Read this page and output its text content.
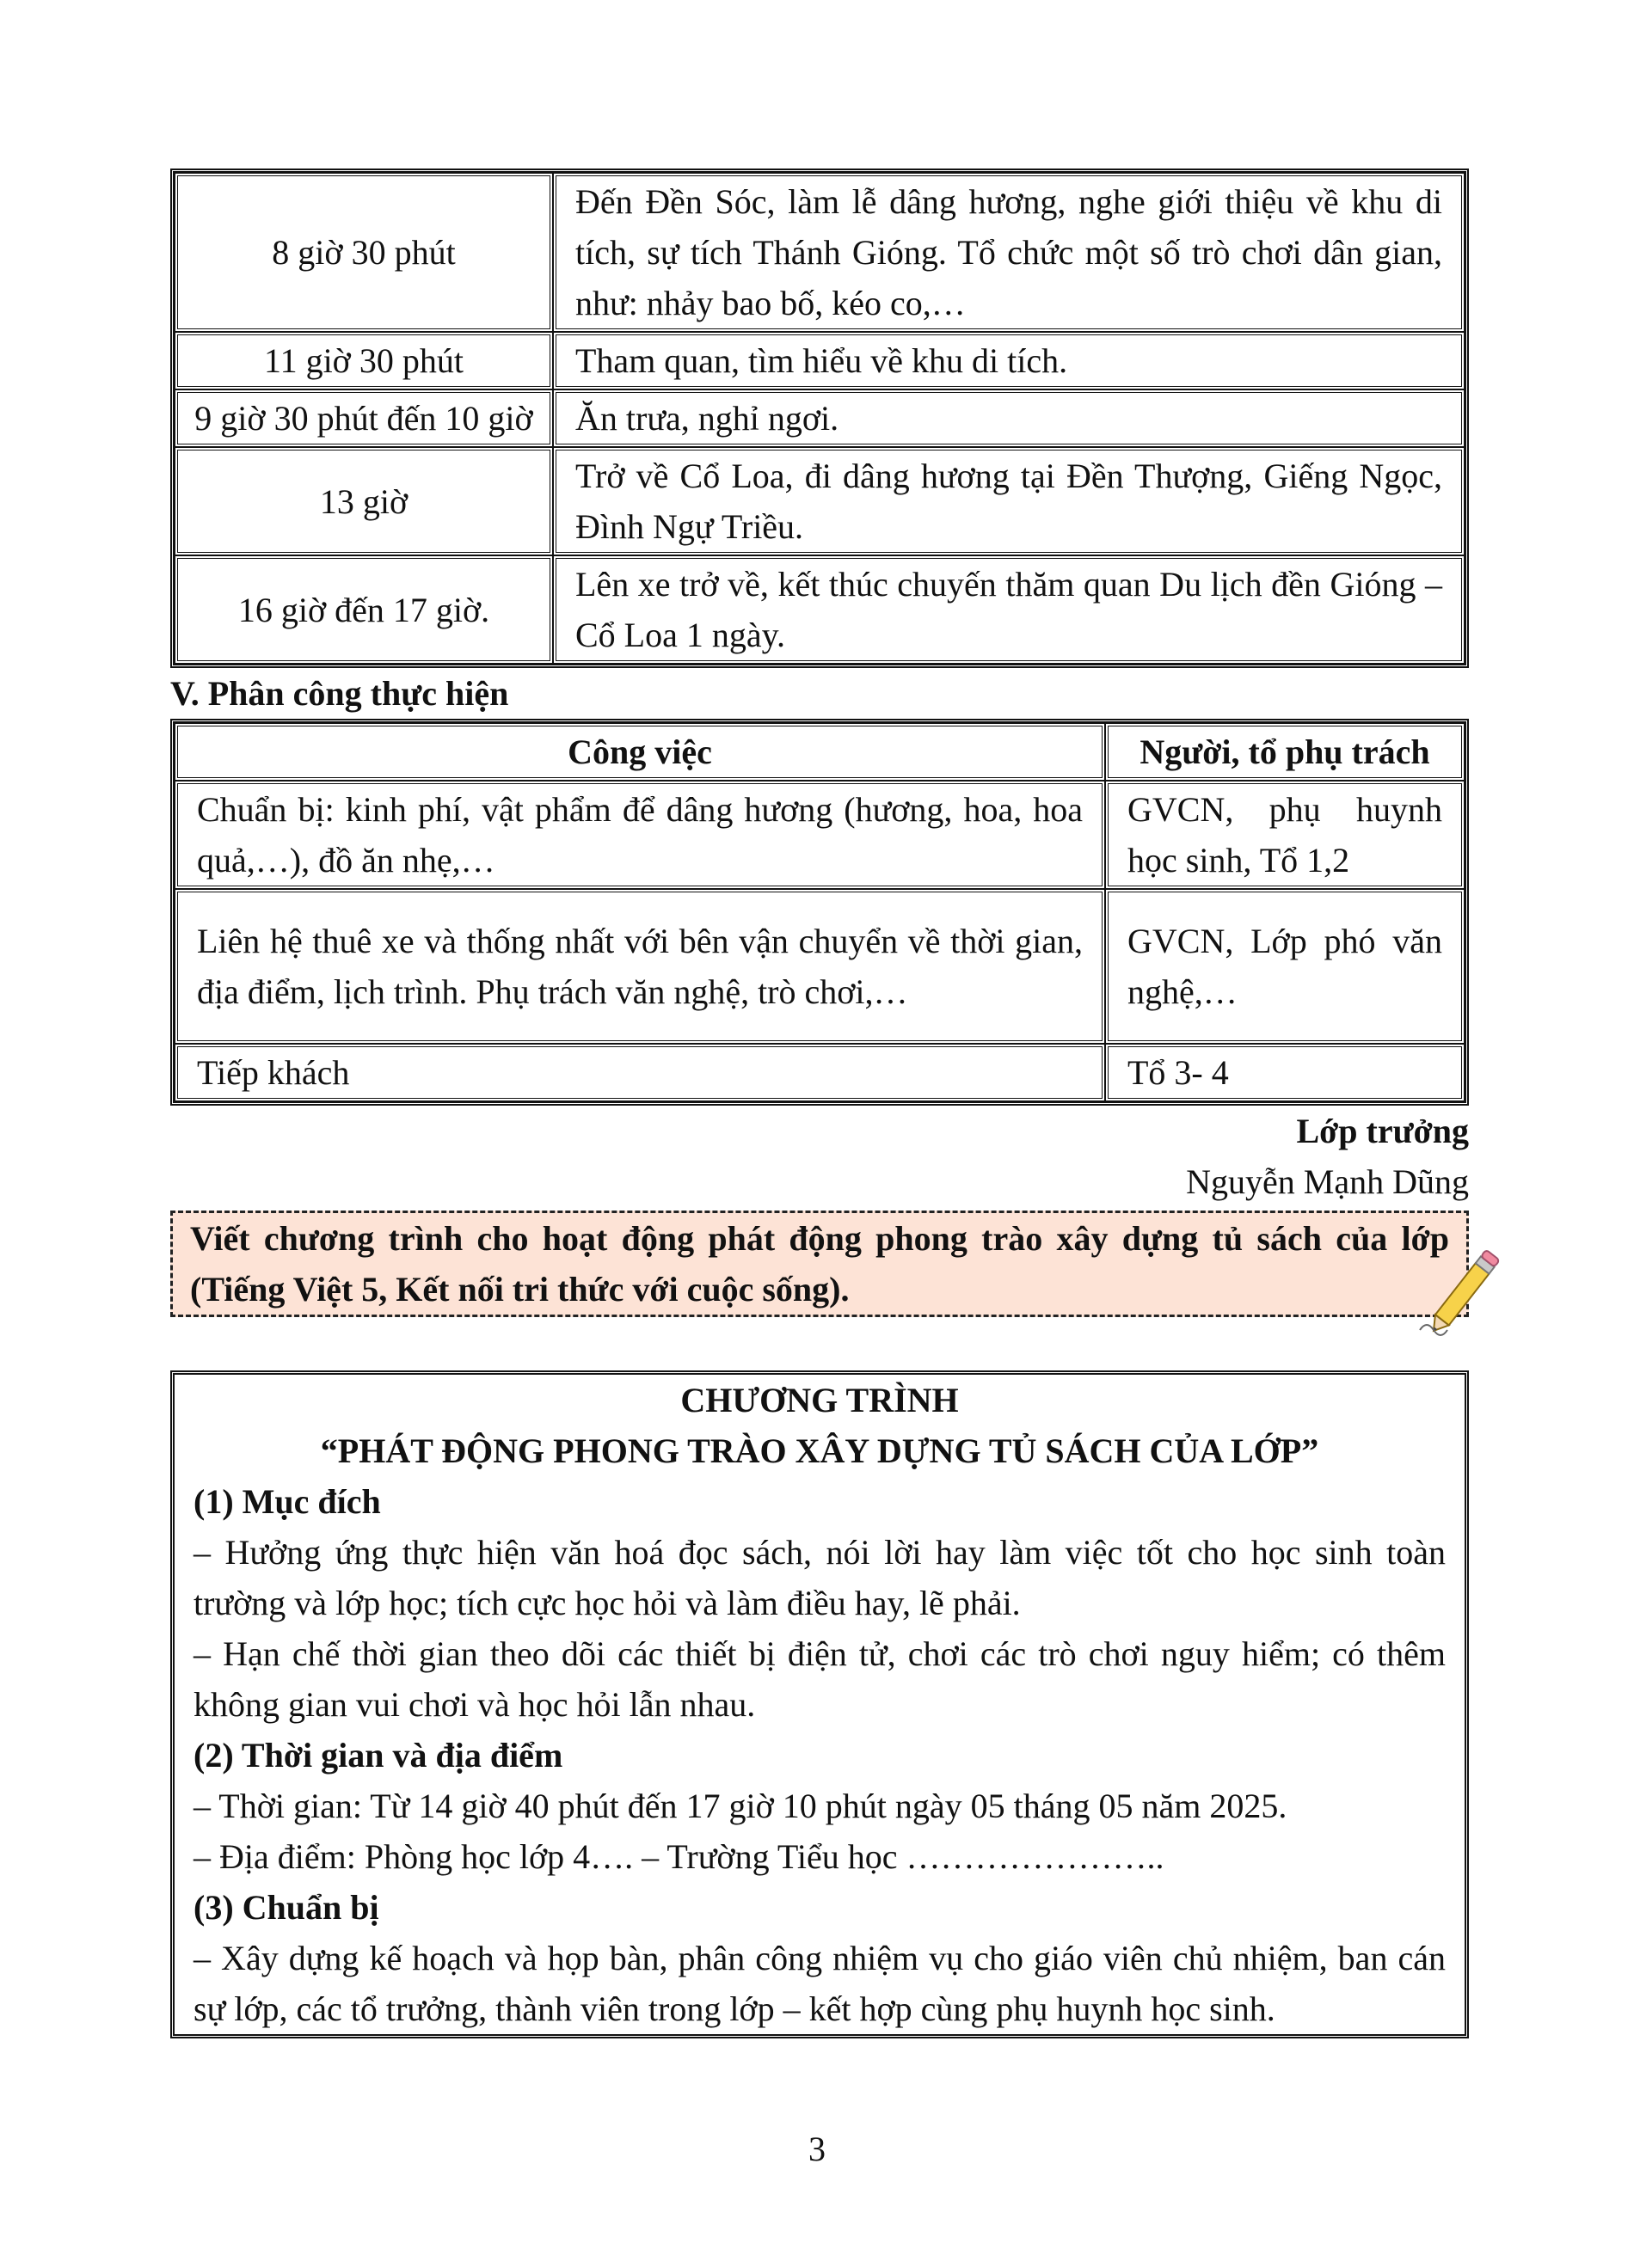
8 giờ 30 phút	Đến Đền Sóc, làm lễ dâng hương, nghe giới thiệu về khu di tích, sự tích Thánh Gióng. Tổ chức một số trò chơi dân gian, như: nhảy bao bố, kéo co,…
11 giờ 30 phút	Tham quan, tìm hiểu về khu di tích.
9 giờ 30 phút đến 10 giờ	Ăn trưa, nghỉ ngơi.
13 giờ	Trở về Cổ Loa, đi dâng hương tại Đền Thượng, Giếng Ngọc, Đình Ngự Triều.
16 giờ đến 17 giờ.	Lên xe trở về, kết thúc chuyến thăm quan Du lịch đền Gióng – Cổ Loa 1 ngày.
V. Phân công thực hiện
Công việc	Người, tổ phụ trách
Chuẩn bị: kinh phí, vật phẩm để dâng hương (hương, hoa, hoa quả,…), đồ ăn nhẹ,…	GVCN, phụ huynh học sinh, Tổ 1,2
Liên hệ thuê xe và thống nhất với bên vận chuyển về thời gian, địa điểm, lịch trình. Phụ trách văn nghệ, trò chơi,…	GVCN, Lớp phó văn nghệ,…
Tiếp khách	Tổ 3- 4
Lớp trưởng
Nguyễn Mạnh Dũng
Viết chương trình cho hoạt động phát động phong trào xây dựng tủ sách của lớp (Tiếng Việt 5, Kết nối tri thức với cuộc sống).
CHƯƠNG TRÌNH
“PHÁT ĐỘNG PHONG TRÀO XÂY DỰNG TỦ SÁCH CỦA LỚP”
(1) Mục đích

– Hưởng ứng thực hiện văn hoá đọc sách, nói lời hay làm việc tốt cho học sinh toàn trường và lớp học; tích cực học hỏi và làm điều hay, lẽ phải.

– Hạn chế thời gian theo dõi các thiết bị điện tử, chơi các trò chơi nguy hiểm; có thêm không gian vui chơi và học hỏi lẫn nhau.

(2) Thời gian và địa điểm

– Thời gian: Từ 14 giờ 40 phút đến 17 giờ 10 phút ngày 05 tháng 05 năm 2025.

– Địa điểm: Phòng học lớp 4…. – Trường Tiểu học …………………..

(3) Chuẩn bị

– Xây dựng kế hoạch và họp bàn, phân công nhiệm vụ cho giáo viên chủ nhiệm, ban cán sự lớp, các tổ trưởng, thành viên trong lớp – kết hợp cùng phụ huynh học sinh.

3
